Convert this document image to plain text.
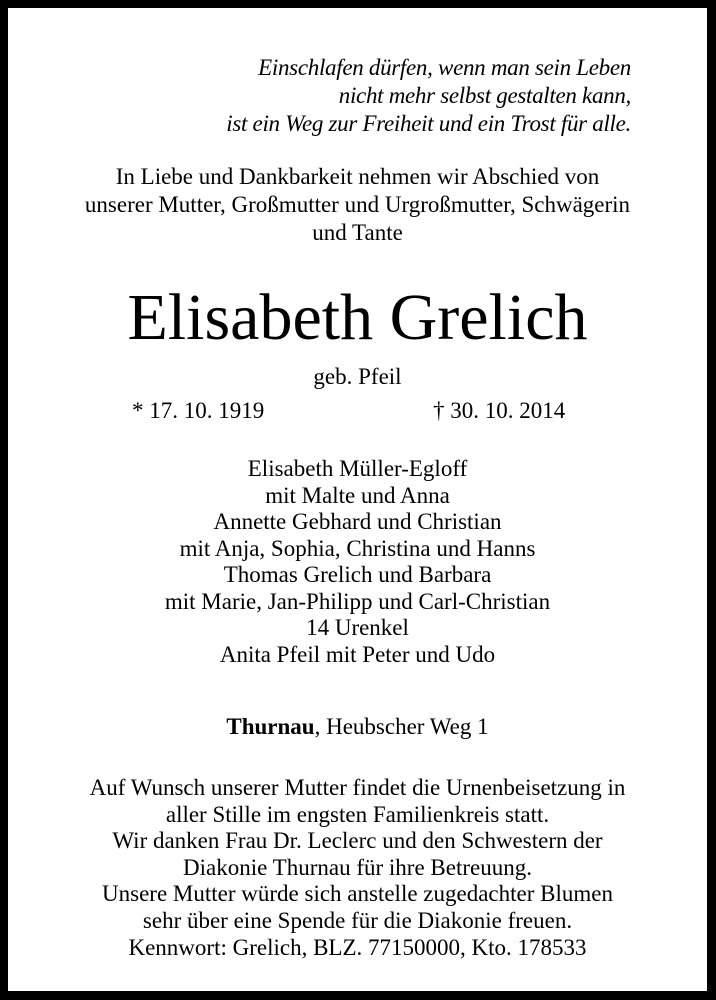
Einschlafen dürfen, wenn man sein Leben
nicht mehr selbst gestalten kann,
ist ein Weg zur Freiheit und ein Trost für alle.
In Liebe und Dankbarkeit nehmen wir Abschied von
unserer Mutter, Großmutter und Urgroßmutter, Schwägerin
und Tante
Elisabeth Grelich
geb. Pfeil
* 17. 10. 1919	† 30. 10. 2014
Elisabeth Müller-Egloff
mit Malte und Anna
Annette Gebhard und Christian
mit Anja, Sophia, Christina und Hanns
Thomas Grelich und Barbara
mit Marie, Jan-Philipp und Carl-Christian
14 Urenkel
Anita Pfeil mit Peter und Udo
Thurnau, Heubscher Weg 1
Auf Wunsch unserer Mutter findet die Urnenbeisetzung in
aller Stille im engsten Familienkreis statt.
Wir danken Frau Dr. Leclerc und den Schwestern der
Diakonie Thurnau für ihre Betreuung.
Unsere Mutter würde sich anstelle zugedachter Blumen
sehr über eine Spende für die Diakonie freuen.
Kennwort: Grelich, BLZ. 77150000, Kto. 178533
